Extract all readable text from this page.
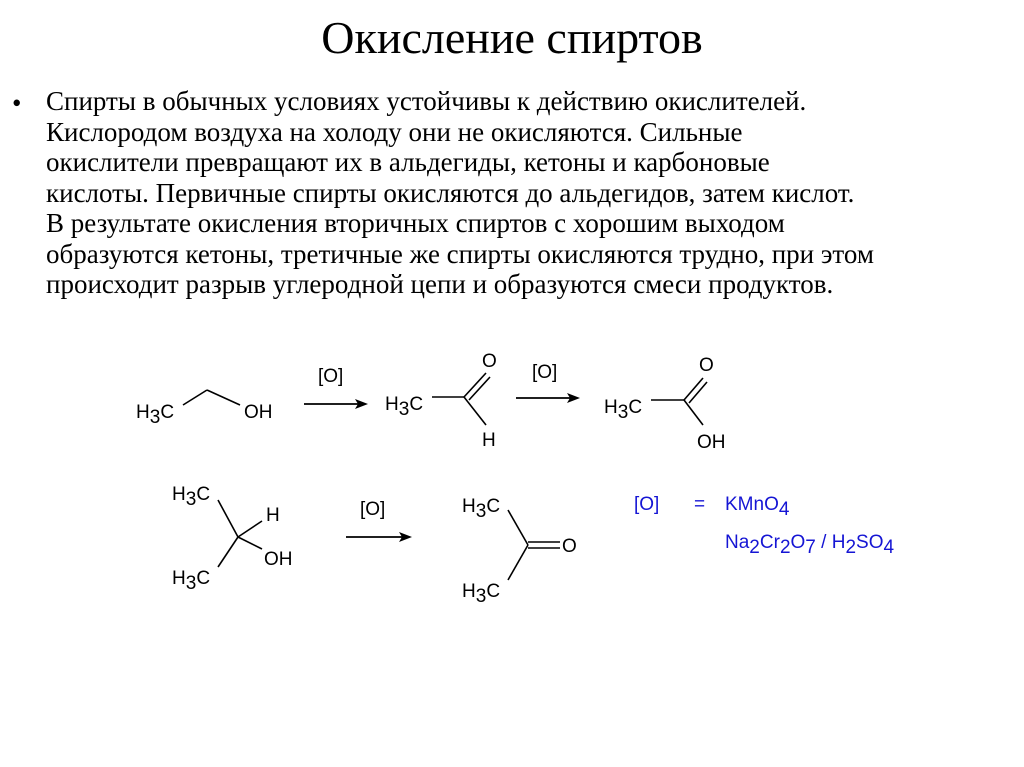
Окисление спиртов
• Спирты в обычных условиях устойчивы к действию окислителей.
Кислородом воздуха на холоду они не окисляются. Сильные
окислители превращают их в альдегиды, кетоны и карбоновые
кислоты. Первичные спирты окисляются до альдегидов, затем кислот.
В результате окисления вторичных спиртов с хорошим выходом
образуются кетоны, третичные же спирты окисляются трудно, при этом
происходит разрыв углеродной цепи и образуются смеси продуктов.
H3C	OH
[O]
H3C
O
H
[O]
H3C
O
OH
H3C
H3C
H
OH
[O]	H3C
H3C
O
[O] = KMnO4
Na2Cr2O7 / H2SO4
